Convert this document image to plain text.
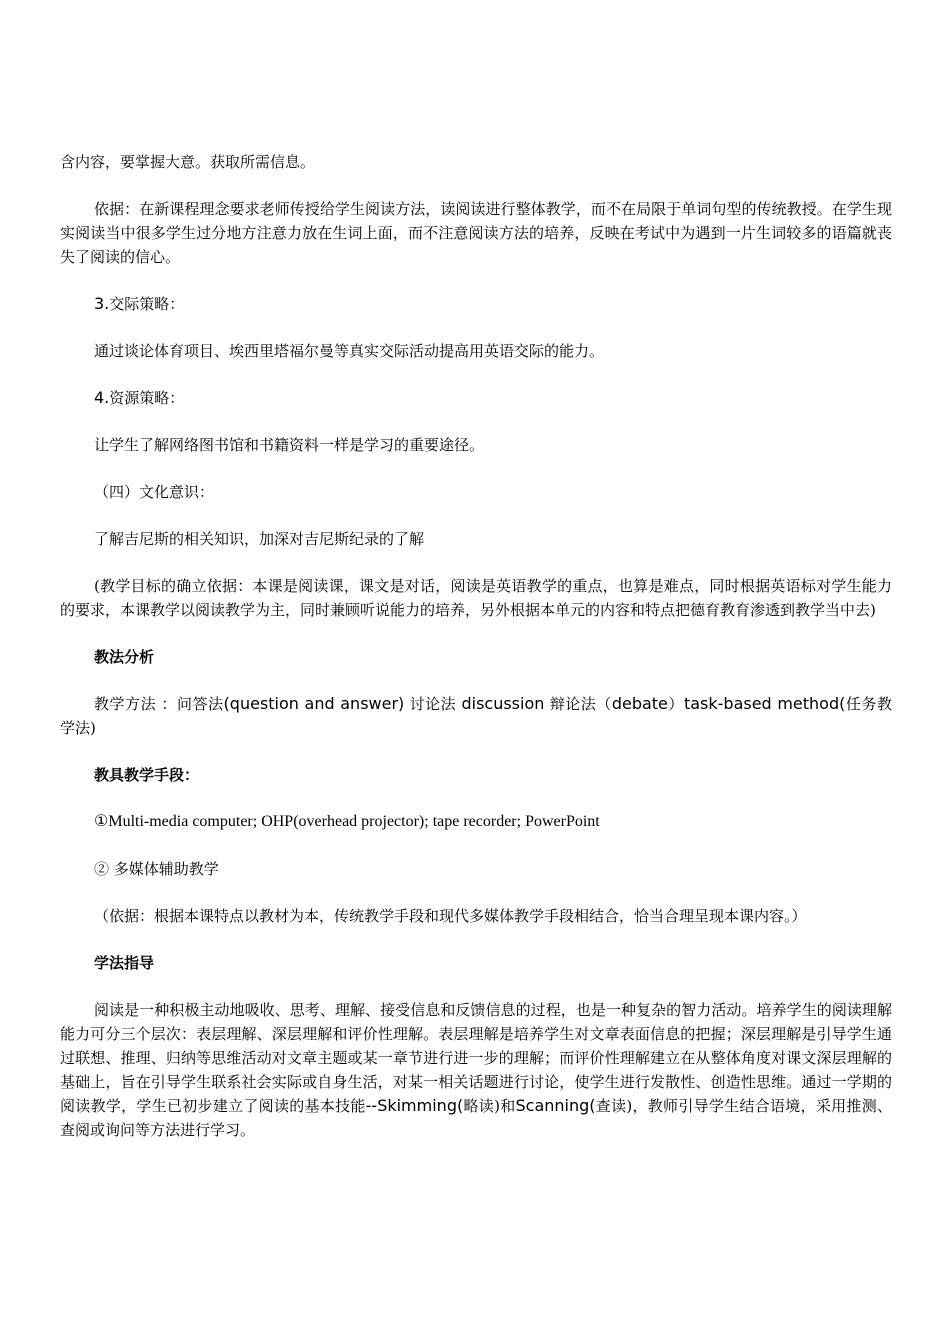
含内容，要掌握大意。获取所需信息。

依据：在新课程理念要求老师传授给学生阅读方法，读阅读进行整体教学，而不在局限于单词句型的传统教授。在学生现实阅读当中很多学生过分地方注意力放在生词上面，而不注意阅读方法的培养，反映在考试中为遇到一片生词较多的语篇就丧失了阅读的信心。

3.交际策略：

通过谈论体育项目、埃西里塔福尔曼等真实交际活动提高用英语交际的能力。

4.资源策略：

让学生了解网络图书馆和书籍资料一样是学习的重要途径。

（四）文化意识：

了解吉尼斯的相关知识，加深对吉尼斯纪录的了解

(教学目标的确立依据：本课是阅读课，课文是对话，阅读是英语教学的重点，也算是难点，同时根据英语标对学生能力的要求，本课教学以阅读教学为主，同时兼顾听说能力的培养，另外根据本单元的内容和特点把德育教育渗透到教学当中去)

教法分析

教学方法 ：问答法(question and answer) 讨论法 discussion 辩论法（debate）task-based method(任务教学法)

教具教学手段：

①Multi-media computer; OHP(overhead projector); tape recorder; PowerPoint

② 多媒体辅助教学

（依据：根据本课特点以教材为本，传统教学手段和现代多媒体教学手段相结合，恰当合理呈现本课内容。）

学法指导

阅读是一种积极主动地吸收、思考、理解、接受信息和反馈信息的过程，也是一种复杂的智力活动。培养学生的阅读理解能力可分三个层次：表层理解、深层理解和评价性理解。表层理解是培养学生对文章表面信息的把握；深层理解是引导学生通过联想、推理、归纳等思维活动对文章主题或某一章节进行进一步的理解；而评价性理解建立在从整体角度对课文深层理解的基础上，旨在引导学生联系社会实际或自身生活，对某一相关话题进行讨论，使学生进行发散性、创造性思维。通过一学期的阅读教学，学生已初步建立了阅读的基本技能--Skimming(略读)和Scanning(查读)，教师引导学生结合语境，采用推测、查阅或询问等方法进行学习。
